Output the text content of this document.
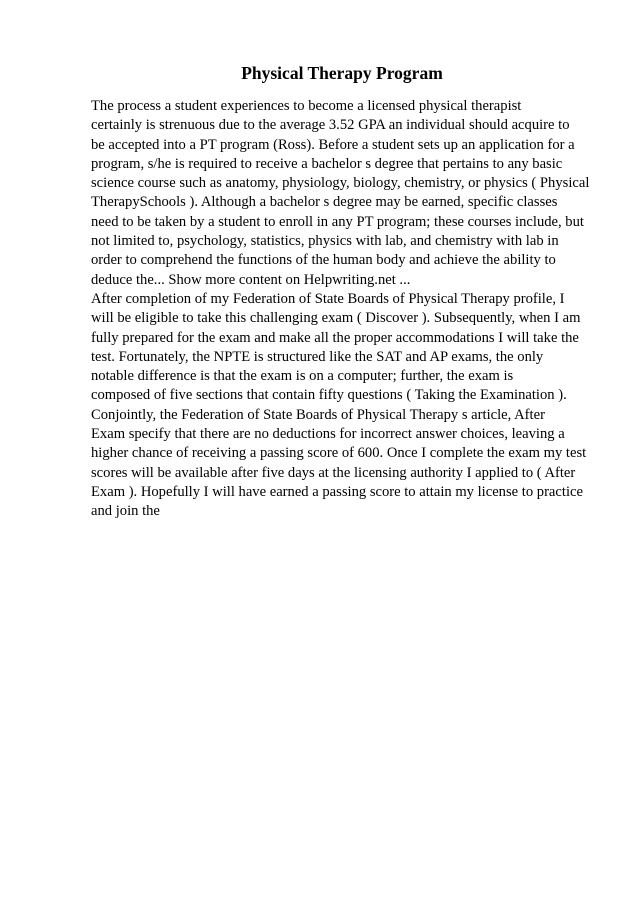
Physical Therapy Program
The process a student experiences to become a licensed physical therapist
certainly is strenuous due to the average 3.52 GPA an individual should acquire to
be accepted into a PT program (Ross). Before a student sets up an application for a
program, s/he is required to receive a bachelor s degree that pertains to any basic
science course such as anatomy, physiology, biology, chemistry, or physics ( Physical
TherapySchools ). Although a bachelor s degree may be earned, specific classes
need to be taken by a student to enroll in any PT program; these courses include, but
not limited to, psychology, statistics, physics with lab, and chemistry with lab in
order to comprehend the functions of the human body and achieve the ability to
deduce the... Show more content on Helpwriting.net ...
After completion of my Federation of State Boards of Physical Therapy profile, I
will be eligible to take this challenging exam ( Discover ). Subsequently, when I am
fully prepared for the exam and make all the proper accommodations I will take the
test. Fortunately, the NPTE is structured like the SAT and AP exams, the only
notable difference is that the exam is on a computer; further, the exam is
composed of five sections that contain fifty questions ( Taking the Examination ).
Conjointly, the Federation of State Boards of Physical Therapy s article, After
Exam specify that there are no deductions for incorrect answer choices, leaving a
higher chance of receiving a passing score of 600. Once I complete the exam my test
scores will be available after five days at the licensing authority I applied to ( After
Exam ). Hopefully I will have earned a passing score to attain my license to practice
and join the
